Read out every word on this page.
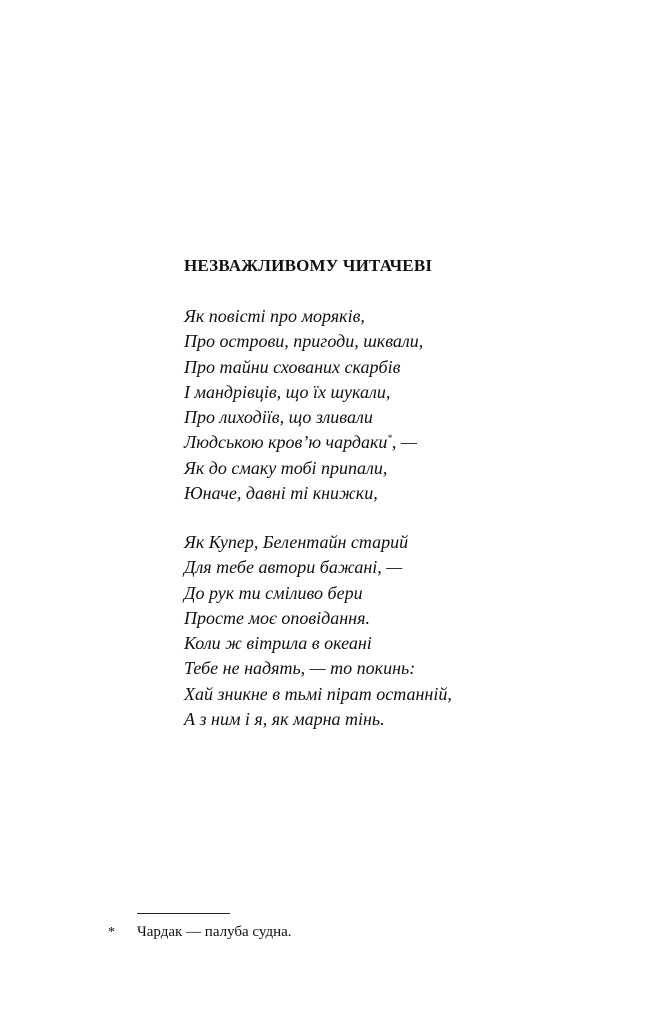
НЕЗВАЖЛИВОМУ ЧИТАЧЕВІ
Як повісті про моряків,
Про острови, пригоди, шквали,
Про тайни схованих скарбів
І мандрівців, що їх шукали,
Про лиходіїв, що зливали
Людською кров’ю чардаки*, —
Як до смаку тобі припали,
Юначе, давні ті книжки,
Як Купер, Белентайн старий
Для тебе автори бажані, —
До рук ти сміливо бери
Просте моє оповідання.
Коли ж вітрила в океані
Тебе не надять, — то покинь:
Хай зникне в тьмі пірат останній,
А з ним і я, як марна тінь.
* Чардак — палуба судна.
